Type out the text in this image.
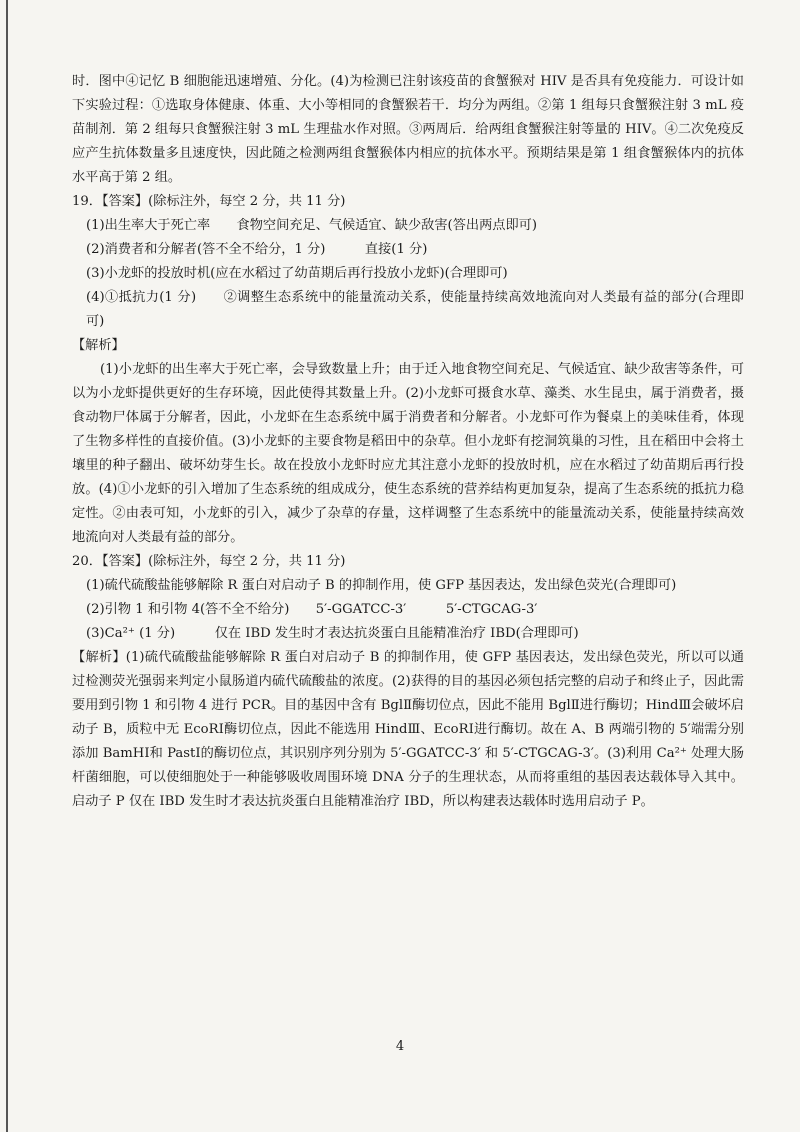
时．图中④记忆 B 细胞能迅速增殖、分化。(4)为检测已注射该疫苗的食蟹猴对 HIV 是否具有免疫能力．可设计如下实验过程：①选取身体健康、体重、大小等相同的食蟹猴若干．均分为两组。②第 1 组每只食蟹猴注射 3 mL 疫苗制剂．第 2 组每只食蟹猴注射 3 mL 生理盐水作对照。③两周后．给两组食蟹猴注射等量的 HIV。④二次免疫反应产生抗体数量多且速度快，因此随之检测两组食蟹猴体内相应的抗体水平。预期结果是第 1 组食蟹猴体内的抗体水平高于第 2 组。

19．【答案】(除标注外，每空 2 分，共 11 分)

(1)出生率大于死亡率　　食物空间充足、气候适宜、缺少敌害(答出两点即可)

(2)消费者和分解者(答不全不给分，1 分)　　　直接(1 分)

(3)小龙虾的投放时机(应在水稻过了幼苗期后再行投放小龙虾)(合理即可)

(4)①抵抗力(1 分)　　②调整生态系统中的能量流动关系，使能量持续高效地流向对人类最有益的部分(合理即可)

【解析】

(1)小龙虾的出生率大于死亡率，会导致数量上升；由于迁入地食物空间充足、气候适宜、缺少敌害等条件，可以为小龙虾提供更好的生存环境，因此使得其数量上升。(2)小龙虾可摄食水草、藻类、水生昆虫，属于消费者，摄食动物尸体属于分解者，因此，小龙虾在生态系统中属于消费者和分解者。小龙虾可作为餐桌上的美味佳肴，体现了生物多样性的直接价值。(3)小龙虾的主要食物是稻田中的杂草。但小龙虾有挖洞筑巢的习性，且在稻田中会将土壤里的种子翻出、破坏幼芽生长。故在投放小龙虾时应尤其注意小龙虾的投放时机，应在水稻过了幼苗期后再行投放。(4)①小龙虾的引入增加了生态系统的组成成分，使生态系统的营养结构更加复杂，提高了生态系统的抵抗力稳定性。②由表可知，小龙虾的引入，减少了杂草的存量，这样调整了生态系统中的能量流动关系，使能量持续高效地流向对人类最有益的部分。

20．【答案】(除标注外，每空 2 分，共 11 分)

(1)硫代硫酸盐能够解除 R 蛋白对启动子 B 的抑制作用，使 GFP 基因表达，发出绿色荧光(合理即可)

(2)引物 1 和引物 4(答不全不给分)　　5′-GGATCC-3′　　　5′-CTGCAG-3′

(3)Ca²⁺ (1 分)　　　仅在 IBD 发生时才表达抗炎蛋白且能精准治疗 IBD(合理即可)

【解析】(1)硫代硫酸盐能够解除 R 蛋白对启动子 B 的抑制作用，使 GFP 基因表达，发出绿色荧光，所以可以通过检测荧光强弱来判定小鼠肠道内硫代硫酸盐的浓度。(2)获得的目的基因必须包括完整的启动子和终止子，因此需要用到引物 1 和引物 4 进行 PCR。目的基因中含有 BglⅡ酶切位点，因此不能用 BglⅡ进行酶切；HindⅢ会破坏启动子 B，质粒中无 EcoRⅠ酶切位点，因此不能选用 HindⅢ、EcoRⅠ进行酶切。故在 A、B 两端引物的 5′端需分别添加 BamHⅠ和 PastⅠ的酶切位点，其识别序列分别为 5′-GGATCC-3′ 和 5′-CTGCAG-3′。(3)利用 Ca²⁺ 处理大肠杆菌细胞，可以使细胞处于一种能够吸收周围环境 DNA 分子的生理状态，从而将重组的基因表达载体导入其中。启动子 P 仅在 IBD 发生时才表达抗炎蛋白且能精准治疗 IBD，所以构建表达载体时选用启动子 P。

4
